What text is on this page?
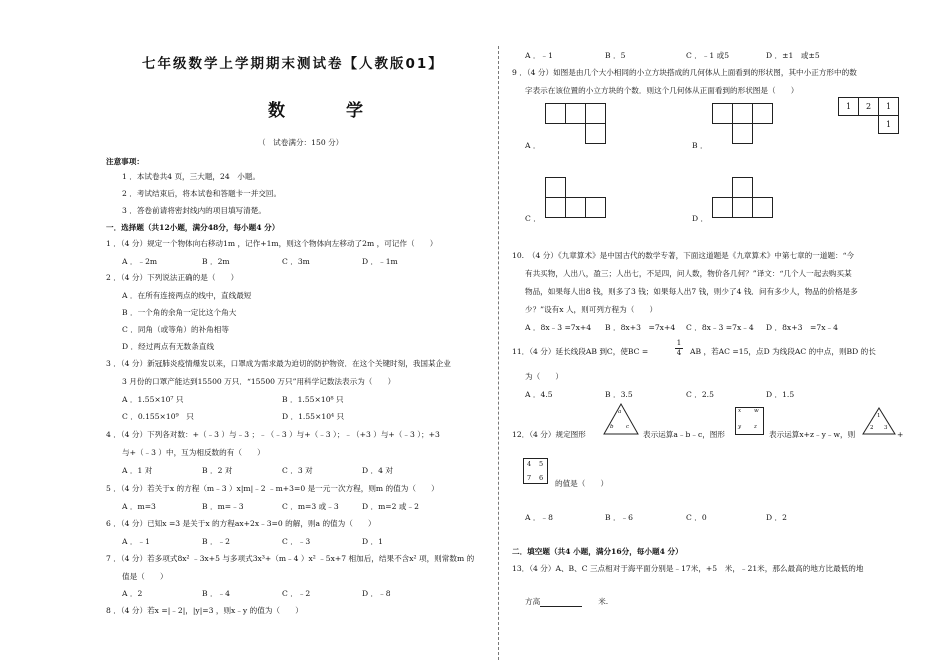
七年级数学上学期期末测试卷【人教版01】
数　学
（　试卷满分：150 分）
注意事项：
1 ．本试卷共4 页，三大题，24　小题。
2 ．考试结束后，将本试卷和答题卡一并交回。
3 ．答卷前请将密封线内的项目填写清楚。
一．选择题（共12小题，满分48分，每小题4 分）
1 ．（4 分）规定一个物体向右移动1m ，记作+1m，则这个物体向左移动了2m ，可记作（　　）
A ．﹣2m	B ．2m	C ．3m	D ．﹣1m
2 ．（4 分）下列说法正确的是（　　）
A ．在所有连接两点的线中，直线最短
B ．一个角的余角一定比这个角大
C ．同角（或等角）的补角相等
D ．经过两点有无数条直线
3 ．（4 分）新冠肺炎疫情爆发以来，口罩成为需求最为迫切的防护物资．在这个关键时刻，我国某企业
3 月份的口罩产能达到15500 万只．“15500 万只”用科学记数法表示为（　　）
A ．1.55×10⁷ 只	B ．1.55×10⁸ 只
C ．0.155×10⁹　只	D ．1.55×10⁴ 只
4 ．（4 分）下列各对数：+（﹣3 ）与﹣3 ；﹣（﹣3 ）与+（﹣3 ）；﹣（+3 ）与+（﹣3 ）；+3
与+（﹣3 ）中，互为相反数的有（　　）
A ．1 对	B ．2 对	C ．3 对	D ．4 对
5 ．（4 分）若关于x 的方程（m﹣3 ）x|m|﹣2 ﹣m+3=0 是一元一次方程，则m 的值为（　　）
A ．m=3	B ．m=﹣3	C ．m=3 或﹣3	D ．m=2 或﹣2
6 ．（4 分）已知x =3 是关于x 的方程ax+2x﹣3=0 的解，则a 的值为（　　）
A ．﹣1	B ．﹣2	C ．﹣3	D ．1
7 ．（4 分）若多项式8x² ﹣3x+5 与多项式3x³+（m﹣4 ）x² ﹣5x+7 相加后，结果不含x² 项，则常数m 的
值是（　　）
A ．2	B ．﹣4	C ．﹣2	D ．﹣8
8 ．（4 分）若x =|﹣2|，|y|=3 ，则x﹣y 的值为（　　）
A ．﹣1	B ．5	C ．﹣1 或5	D ．±1　或±5
9 ．（4 分）如图是由几个大小相同的小立方块搭成的几何体从上面看到的形状图，其中小正方形中的数
字表示在该位置的小立方块的个数．则这个几何体从正面看到的形状图是（　　）
1	2	1
1
A ．	B ．
C ．	D ．
10.　（4 分）《九章算术》是中国古代的数学专著，下面这道题是《九章算术》中第七章的一道题：“今
有共买物，人出八，盈三；人出七，不足四，问人数，物价各几何？”译文：“几个人一起去购买某
物品，如果每人出8 钱，则多了3 钱；如果每人出7 钱，则少了4 钱．问有多少人，物品的价格是多
少？”设有x 人，则可列方程为（　　）
A ．8x﹣3 =7x+4 B ．8x+3　=7x+4 C ．8x﹣3 =7x﹣4 D ．8x+3　=7x﹣4
11．（4 分）延长线段AB 到C，使BC =	$\frac{1}{4}$ AB ，若AC =15，点D 为线段AC 的中点，则BD 的长
为（　　）
A ．4.5	B ．3.5	C ．2.5	D ．1.5
12．（4 分）规定图形
a
b c
表示运算a﹣b﹣c，图形
x w
y z
表示运算x+z﹣y﹣w，则
1
2 3
+
4 5
7 6
的值是（　　）
A ．﹣8	B ．﹣6	C ．0	D ．2
二．填空题（共4 小题，满分16分，每小题4 分）
13．（4 分）A、B、C 三点相对于海平面分别是﹣17米，+5　米，﹣21米，那么最高的地方比最低的地
方高	米.
